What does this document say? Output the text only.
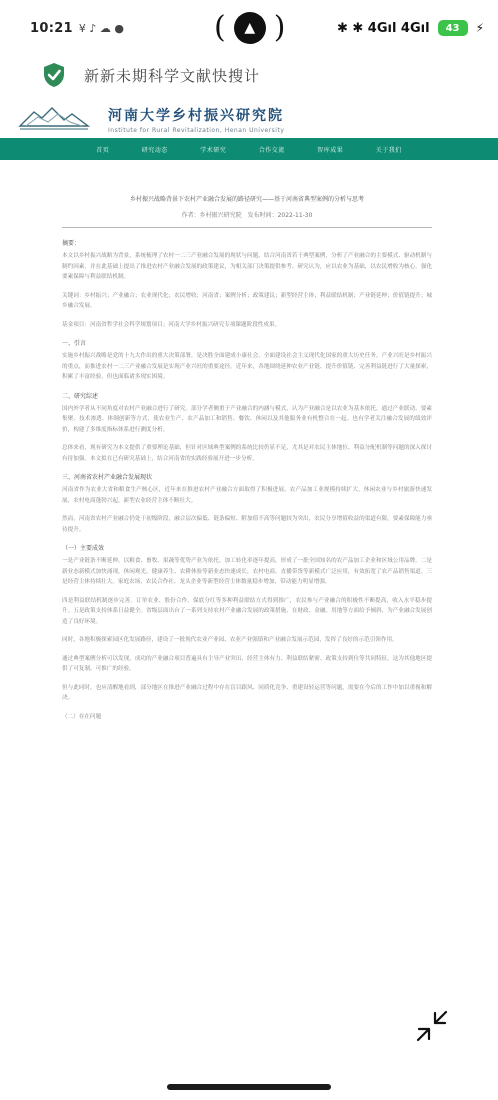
10:21 ¥ ♪ ☁ ●	(	▲ )	✱ ✱ 4Gıl 4Gıl 43 ⚡
新新未期科学文献快搜计
河南大学乡村振兴研究院
Institute for Rural Revitalization, Henan University
首页	研究动态	学术研究	合作交流	智库成果	关于我们
乡村振兴战略背景下农村产业融合发展的路径研究——基于河南省典型案例的分析与思考
作者：乡村振兴研究院　发布时间：2022-11-30
摘要：

本文以乡村振兴战略为背景，系统梳理了农村一二三产业融合发展的现状与问题，结合河南省若干典型案例，分析了产业融合的主要模式、驱动机制与制约因素，并在此基础上提出了推进农村产业融合发展的政策建议，为相关部门决策提供参考。研究认为，应以农业为基础，以农民增收为核心，强化要素保障与利益联结机制。

关键词：乡村振兴；产业融合；农业现代化；农民增收；河南省；案例分析；政策建议；新型经营主体；利益联结机制；产业链延伸；价值链提升；城乡融合发展。

基金项目：河南省哲学社会科学规划项目；河南大学乡村振兴研究专项课题阶段性成果。

一、引言

实施乡村振兴战略是党的十九大作出的重大决策部署，是决胜全面建成小康社会、全面建设社会主义现代化国家的重大历史任务。产业兴旺是乡村振兴的重点，而推进农村一二三产业融合发展是实现产业兴旺的重要途径。近年来，各地围绕延伸农业产业链、提升价值链、完善利益链进行了大量探索，积累了丰富经验，但也面临诸多现实困境。

二、研究综述

国内外学者从不同角度对农村产业融合进行了研究。部分学者侧重于产业融合的内涵与模式，认为产业融合是以农业为基本依托，通过产业联动、要素集聚、技术渗透、体制创新等方式，使农业生产、农产品加工和销售、餐饮、休闲以及其他服务业有机整合在一起。也有学者关注融合发展的绩效评价，构建了多维度指标体系进行测度分析。

总体来看，现有研究为本文提供了重要理论基础，但针对区域典型案例的系统比较仍显不足，尤其是对农民主体地位、利益分配机制等问题的深入探讨有待加强。本文拟在已有研究基础上，结合河南省的实践经验展开进一步分析。

三、河南省农村产业融合发展现状

河南省作为农业大省和粮食生产核心区，近年来在推进农村产业融合方面取得了积极进展。农产品加工业规模持续扩大，休闲农业与乡村旅游快速发展，农村电商蓬勃兴起，新型农业经营主体不断壮大。

然而，河南省农村产业融合仍处于初级阶段，融合层次偏低、链条偏短、附加值不高等问题较为突出，农民分享增值收益的渠道有限，要素保障能力亟待提升。

（一）主要成效

一是产业链条不断延伸。以粮食、畜牧、果蔬等优势产业为依托，加工转化率逐年提高，形成了一批全国知名的农产品加工企业和区域公用品牌。二是新业态新模式加快涌现。休闲观光、健康养生、农耕体验等新业态快速成长，农村电商、直播带货等新模式广泛应用，有效拓宽了农产品销售渠道。三是经营主体持续壮大。家庭农场、农民合作社、龙头企业等新型经营主体数量稳步增加，带动能力明显增强。

四是利益联结机制逐步完善。订单农业、股份合作、保底分红等多种利益联结方式得到推广，农民参与产业融合的积极性不断提高，收入水平稳步提升。五是政策支持体系日益健全。省级层面出台了一系列支持农村产业融合发展的政策措施，在财政、金融、用地等方面给予倾斜，为产业融合发展创造了良好环境。

同时，各地积极探索园区化发展路径，建设了一批现代农业产业园、农业产业强镇和产业融合发展示范园，发挥了良好的示范引领作用。

通过典型案例分析可以发现，成功的产业融合项目普遍具有主导产业突出、经营主体有力、利益联结紧密、政策支持到位等共同特征，这为其他地区提供了可复制、可推广的经验。

但与此同时，也应清醒地看到，部分地区在推进产业融合过程中存在盲目跟风、同质化竞争、重建设轻运营等问题，需要在今后的工作中加以重视和解决。

（二）存在问题
